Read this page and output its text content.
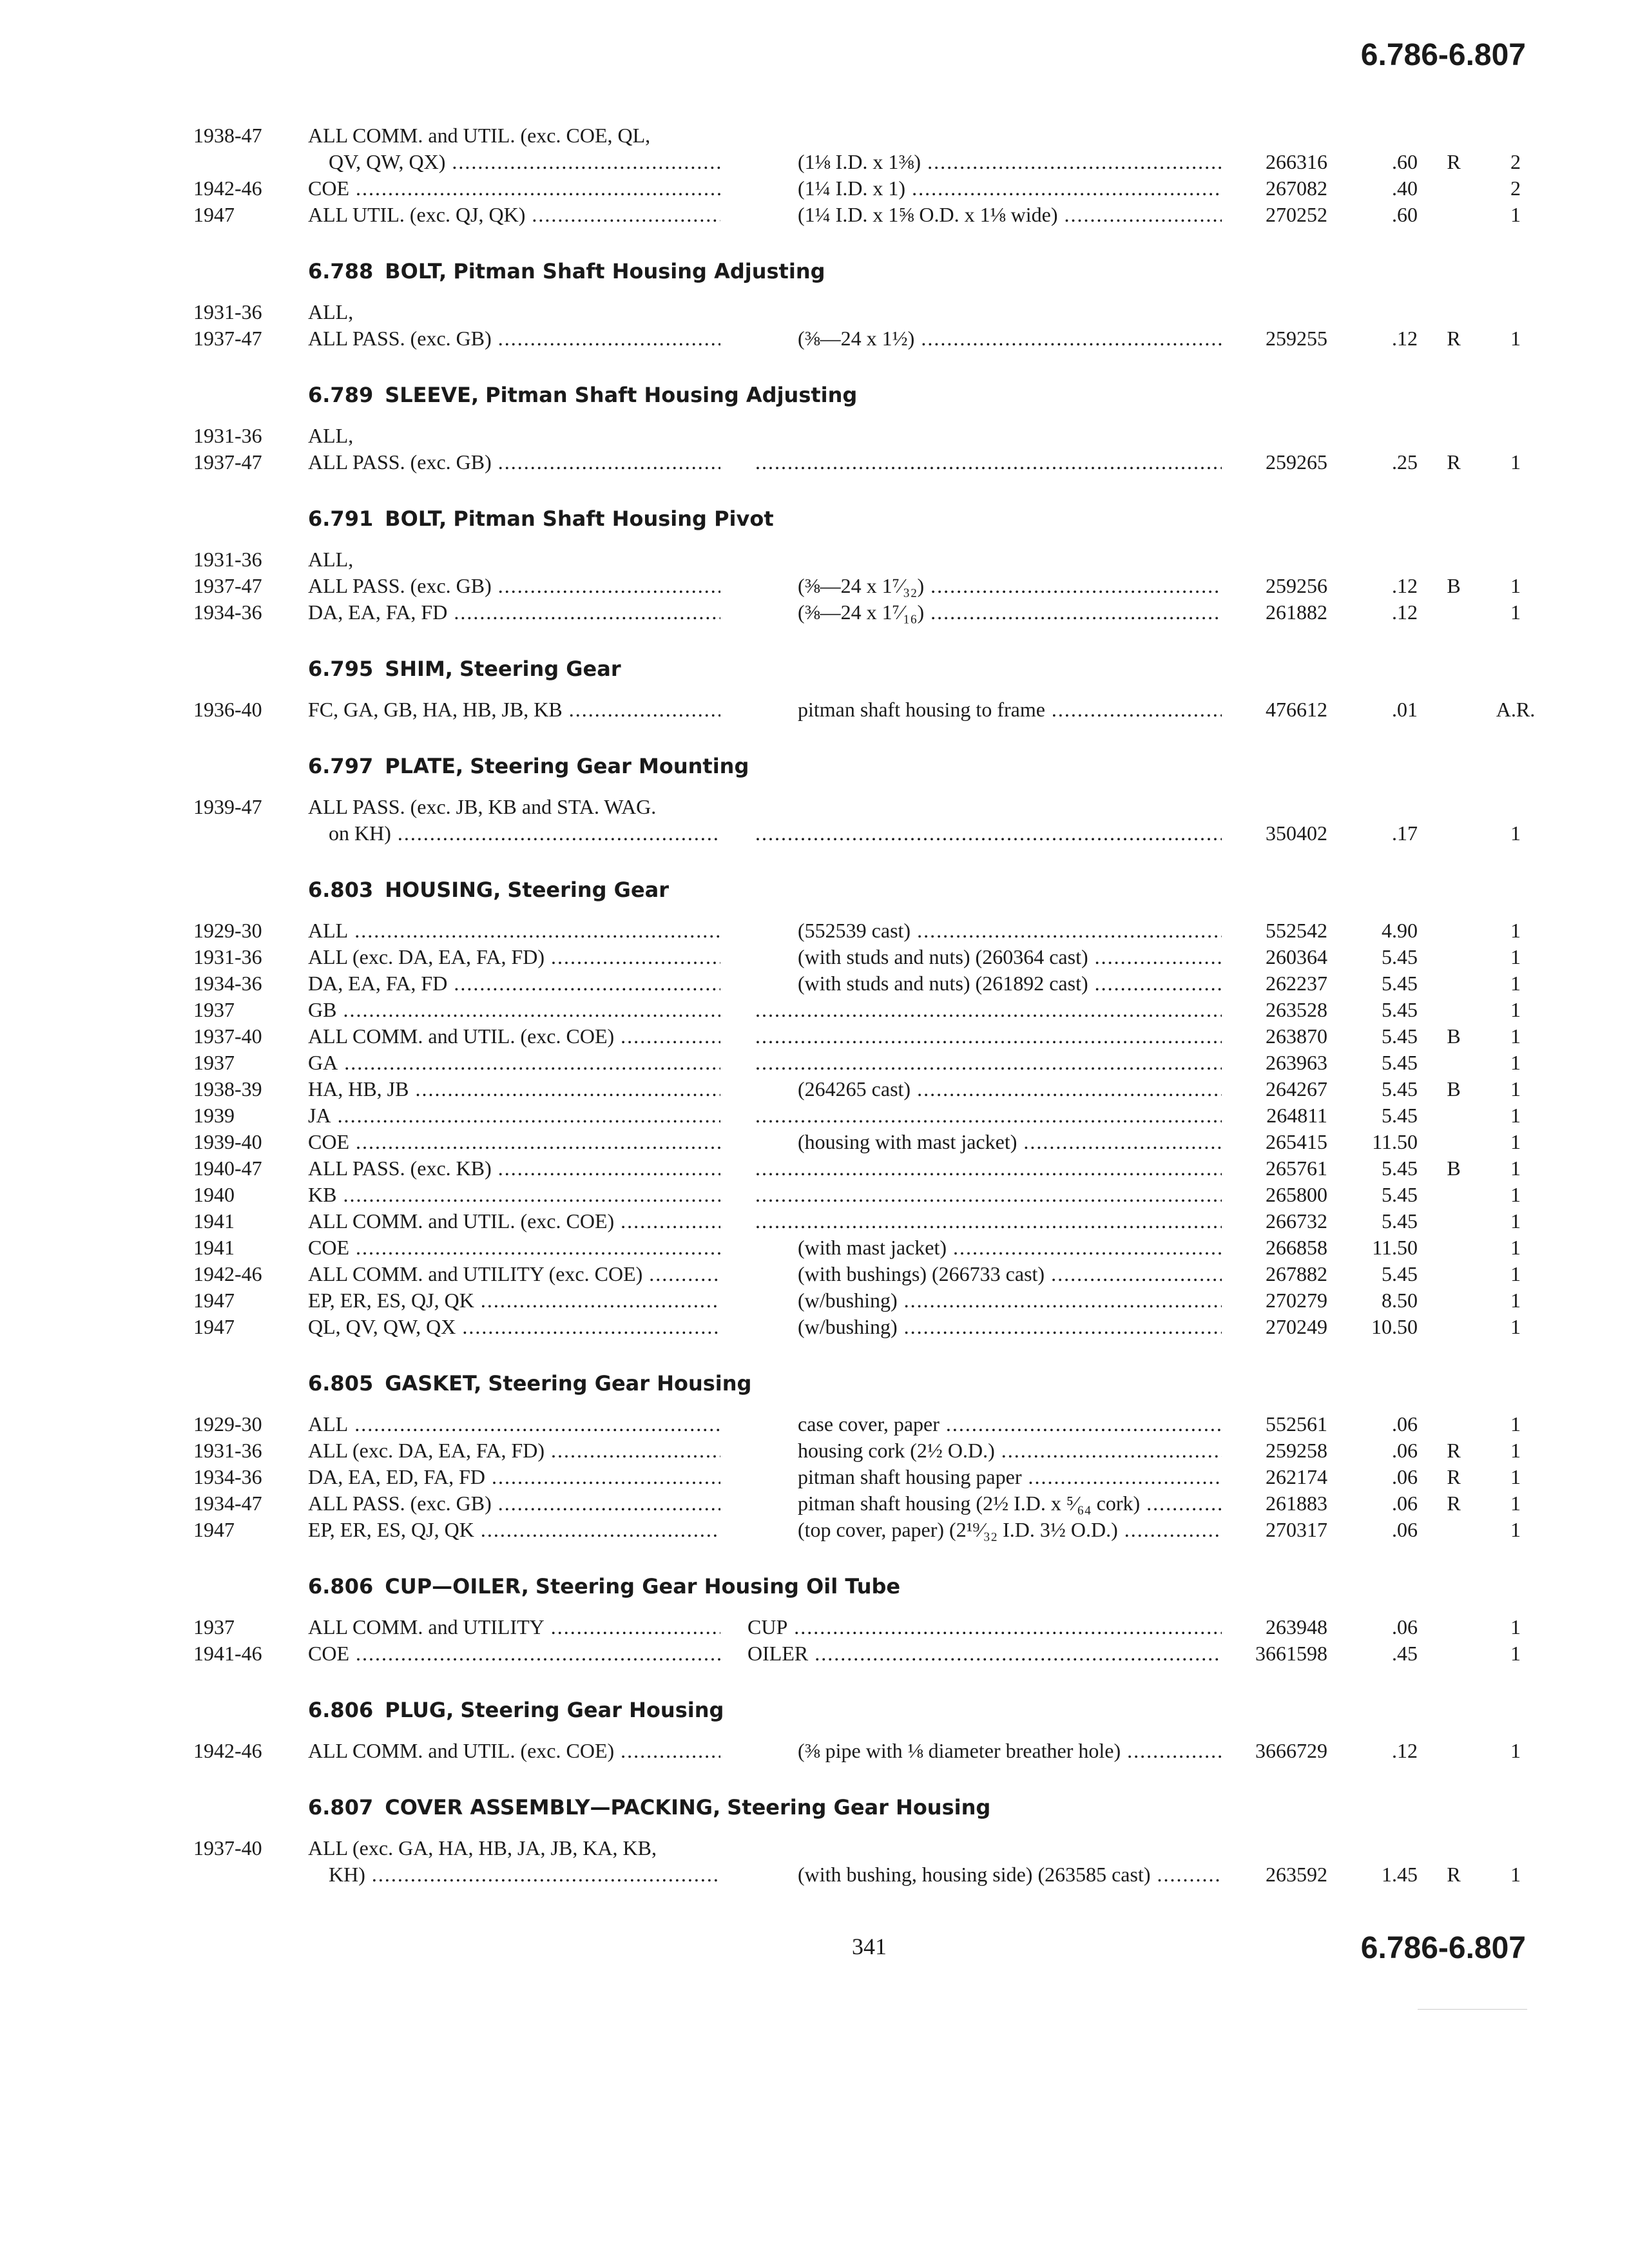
6.786-6.807
1938-47	ALL COMM. and UTIL. (exc. COE, QL,
 QV, QW, QX) .....	(1⅛ I.D. x 1⅜) .....	266316	.60 R	2
1942-46	COE .....	(1¼ I.D. x 1) .....	267082	.40	2
1947	ALL UTIL. (exc. QJ, QK) .....	(1¼ I.D. x 1⅝ O.D. x 1⅛ wide) .....	270252	.60	1
6.788 BOLT, Pitman Shaft Housing Adjusting
1931-36	ALL,
1937-47	ALL PASS. (exc. GB) .....	(⅜—24 x 1½) .....	259255	.12 R	1
6.789 SLEEVE, Pitman Shaft Housing Adjusting
1931-36	ALL,
1937-47	ALL PASS. (exc. GB) ..... .....	259265	.25 R	1
6.791 BOLT, Pitman Shaft Housing Pivot
1931-36	ALL,
1937-47	ALL PASS. (exc. GB) .....	(⅜—24 x 1⁷⁄₃₂) .....	259256	.12 B	1
1934-36	DA, EA, FA, FD .....	(⅜—24 x 1⁷⁄₁₆) .....	261882	.12	1
6.795 SHIM, Steering Gear
1936-40	FC, GA, GB, HA, HB, JB, KB .....	pitman shaft housing to frame .....	476612	.01	A.R.
6.797 PLATE, Steering Gear Mounting
1939-47	ALL PASS. (exc. JB, KB and STA. WAG.
 on KH) ..... .....	350402	.17	1
6.803 HOUSING, Steering Gear
1929-30	ALL .....	(552539 cast) .....	552542	4.90	1
1931-36	ALL (exc. DA, EA, FA, FD) .....	(with studs and nuts) (260364 cast) .....	260364	5.45	1
1934-36	DA, EA, FA, FD .....	(with studs and nuts) (261892 cast) .....	262237	5.45	1
1937	GB ..... .....	263528	5.45	1
1937-40	ALL COMM. and UTIL. (exc. COE) ..... .....	263870	5.45 B	1
1937	GA ..... .....	263963	5.45	1
1938-39	HA, HB, JB .....	(264265 cast) .....	264267	5.45 B	1
1939	JA ..... .....	264811	5.45	1
1939-40	COE .....	(housing with mast jacket) .....	265415	11.50	1
1940-47	ALL PASS. (exc. KB) ..... .....	265761	5.45 B	1
1940	KB ..... .....	265800	5.45	1
1941	ALL COMM. and UTIL. (exc. COE) ..... .....	266732	5.45	1
1941	COE .....	(with mast jacket) .....	266858	11.50	1
1942-46	ALL COMM. and UTILITY (exc. COE) .....	(with bushings) (266733 cast) .....	267882	5.45	1
1947	EP, ER, ES, QJ, QK .....	(w/bushing) .....	270279	8.50	1
1947	QL, QV, QW, QX .....	(w/bushing) .....	270249	10.50	1
6.805 GASKET, Steering Gear Housing
1929-30	ALL .....	case cover, paper .....	552561	.06	1
1931-36	ALL (exc. DA, EA, FA, FD) .....	housing cork (2½ O.D.) .....	259258	.06 R	1
1934-36	DA, EA, ED, FA, FD .....	pitman shaft housing paper .....	262174	.06 R	1
1934-47	ALL PASS. (exc. GB) .....	pitman shaft housing (2½ I.D. x ⁵⁄₆₄ cork) .....	261883	.06 R	1
1947	EP, ER, ES, QJ, QK .....	(top cover, paper) (2¹⁹⁄₃₂ I.D. 3½ O.D.) .....	270317	.06	1
6.806 CUP—OILER, Steering Gear Housing Oil Tube
1937	ALL COMM. and UTILITY .....	CUP .....	263948	.06	1
1941-46	COE .....	OILER .....	3661598	.45	1
6.806 PLUG, Steering Gear Housing
1942-46	ALL COMM. and UTIL. (exc. COE) .....	(⅜ pipe with ⅛ diameter breather hole) .....	3666729	.12	1
6.807 COVER ASSEMBLY—PACKING, Steering Gear Housing
1937-40	ALL (exc. GA, HA, HB, JA, JB, KA, KB,
 KH) .....	(with bushing, housing side) (263585 cast) .....	263592	1.45 R	1
341	6.786-6.807
